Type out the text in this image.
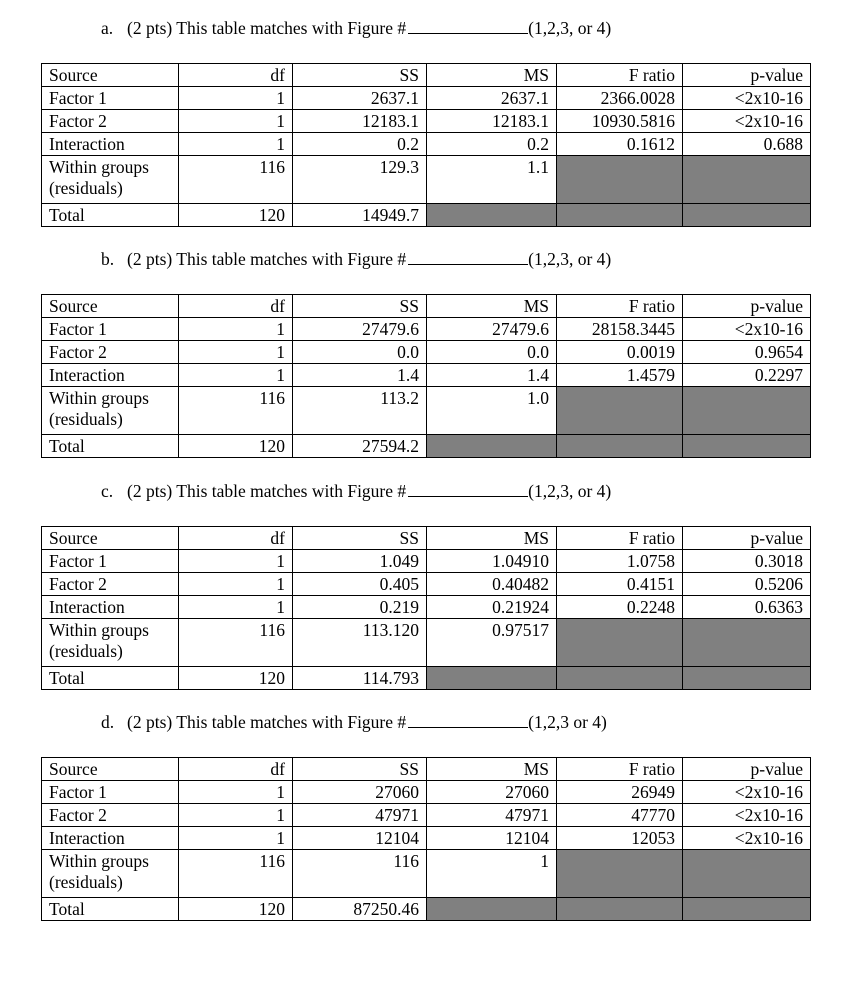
a. (2 pts) This table matches with Figure #	(1,2,3, or 4)
Source	df	SS	MS	F ratio	p-value
Factor 1	1	2637.1	2637.1	2366.0028	<2x10-16
Factor 2	1	12183.1	12183.1	10930.5816	<2x10-16
Interaction	1	0.2	0.2	0.1612	0.688
Within groups (residuals)	116	129.3	1.1		
Total	120	14949.7			
b. (2 pts) This table matches with Figure #	(1,2,3, or 4)
Source	df	SS	MS	F ratio	p-value
Factor 1	1	27479.6	27479.6	28158.3445	<2x10-16
Factor 2	1	0.0	0.0	0.0019	0.9654
Interaction	1	1.4	1.4	1.4579	0.2297
Within groups (residuals)	116	113.2	1.0		
Total	120	27594.2			
c. (2 pts) This table matches with Figure #	(1,2,3, or 4)
Source	df	SS	MS	F ratio	p-value
Factor 1	1	1.049	1.04910	1.0758	0.3018
Factor 2	1	0.405	0.40482	0.4151	0.5206
Interaction	1	0.219	0.21924	0.2248	0.6363
Within groups (residuals)	116	113.120	0.97517		
Total	120	114.793			
d. (2 pts) This table matches with Figure #	(1,2,3 or 4)
Source	df	SS	MS	F ratio	p-value
Factor 1	1	27060	27060	26949	<2x10-16
Factor 2	1	47971	47971	47770	<2x10-16
Interaction	1	12104	12104	12053	<2x10-16
Within groups (residuals)	116	116	1		
Total	120	87250.46			
